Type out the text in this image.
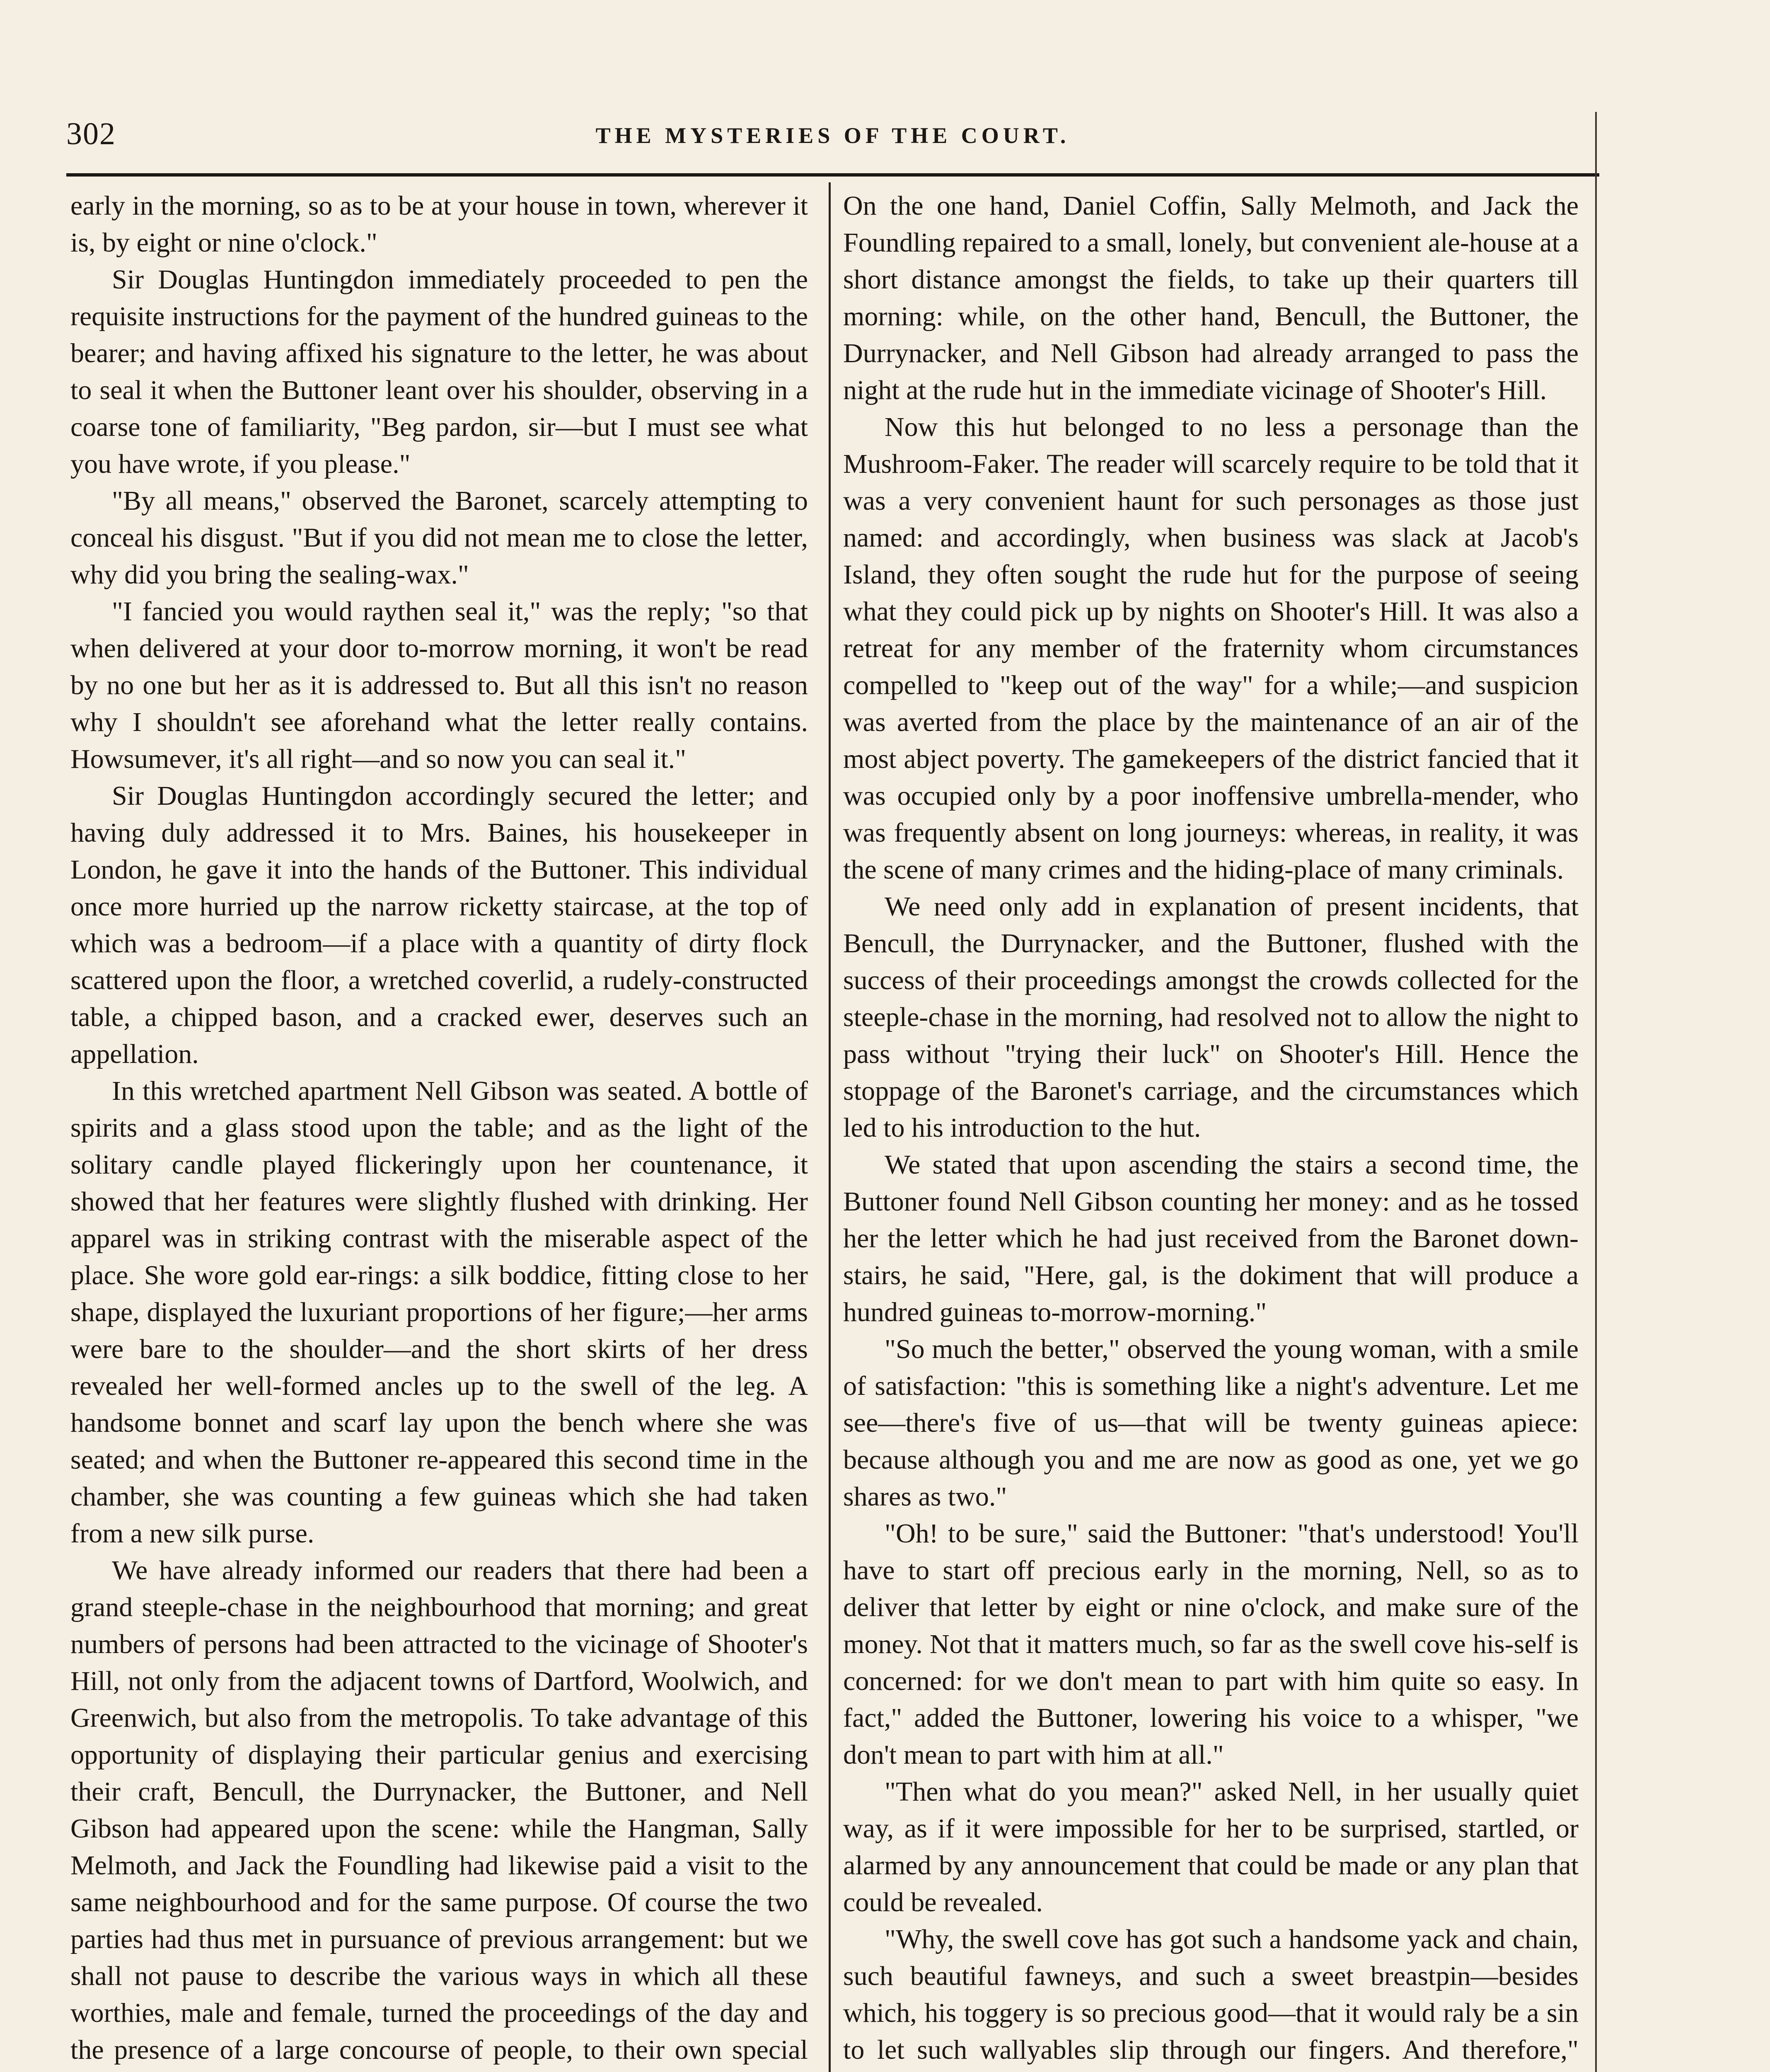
302	THE MYSTERIES OF THE COURT.

early in the morning, so as to be at your house in town, wherever it is, by eight or nine o'clock."

Sir Douglas Huntingdon immediately proceeded to pen the requisite instructions for the payment of the hundred guineas to the bearer; and having affixed his signature to the letter, he was about to seal it when the Buttoner leant over his shoulder, observing in a coarse tone of familiarity, "Beg pardon, sir—but I must see what you have wrote, if you please."

"By all means," observed the Baronet, scarcely attempting to conceal his disgust. "But if you did not mean me to close the letter, why did you bring the sealing-wax."

"I fancied you would raythen seal it," was the reply; "so that when delivered at your door to-morrow morning, it won't be read by no one but her as it is addressed to. But all this isn't no reason why I shouldn't see aforehand what the letter really contains. Howsumever, it's all right—and so now you can seal it."

Sir Douglas Huntingdon accordingly secured the letter; and having duly addressed it to Mrs. Baines, his housekeeper in London, he gave it into the hands of the Buttoner. This individual once more hurried up the narrow ricketty staircase, at the top of which was a bedroom—if a place with a quantity of dirty flock scattered upon the floor, a wretched coverlid, a rudely-constructed table, a chipped bason, and a cracked ewer, deserves such an appellation.

In this wretched apartment Nell Gibson was seated. A bottle of spirits and a glass stood upon the table; and as the light of the solitary candle played flickeringly upon her countenance, it showed that her features were slightly flushed with drinking. Her apparel was in striking contrast with the miserable aspect of the place. She wore gold ear-rings: a silk boddice, fitting close to her shape, displayed the luxuriant proportions of her figure;—her arms were bare to the shoulder—and the short skirts of her dress revealed her well-formed ancles up to the swell of the leg. A handsome bonnet and scarf lay upon the bench where she was seated; and when the Buttoner re-appeared this second time in the chamber, she was counting a few guineas which she had taken from a new silk purse.

We have already informed our readers that there had been a grand steeple-chase in the neighbourhood that morning; and great numbers of persons had been attracted to the vicinage of Shooter's Hill, not only from the adjacent towns of Dartford, Woolwich, and Greenwich, but also from the metropolis. To take advantage of this opportunity of displaying their particular genius and exercising their craft, Bencull, the Durrynacker, the Buttoner, and Nell Gibson had appeared upon the scene: while the Hangman, Sally Melmoth, and Jack the Foundling had likewise paid a visit to the same neighbourhood and for the same purpose. Of course the two parties had thus met in pursuance of previous arrangement: but we shall not pause to describe the various ways in which all these worthies, male and female, turned the proceedings of the day and the presence of a large concourse of people, to their own special

On the one hand, Daniel Coffin, Sally Melmoth, and Jack the Foundling repaired to a small, lonely, but convenient ale-house at a short distance amongst the fields, to take up their quarters till morning: while, on the other hand, Bencull, the Buttoner, the Durrynacker, and Nell Gibson had already arranged to pass the night at the rude hut in the immediate vicinage of Shooter's Hill.

Now this hut belonged to no less a personage than the Mushroom-Faker. The reader will scarcely require to be told that it was a very convenient haunt for such personages as those just named: and accordingly, when business was slack at Jacob's Island, they often sought the rude hut for the purpose of seeing what they could pick up by nights on Shooter's Hill. It was also a retreat for any member of the fraternity whom circumstances compelled to "keep out of the way" for a while;—and suspicion was averted from the place by the maintenance of an air of the most abject poverty. The gamekeepers of the district fancied that it was occupied only by a poor inoffensive umbrella-mender, who was frequently absent on long journeys: whereas, in reality, it was the scene of many crimes and the hiding-place of many criminals.

We need only add in explanation of present incidents, that Bencull, the Durrynacker, and the Buttoner, flushed with the success of their proceedings amongst the crowds collected for the steeple-chase in the morning, had resolved not to allow the night to pass without "trying their luck" on Shooter's Hill. Hence the stoppage of the Baronet's carriage, and the circumstances which led to his introduction to the hut.

We stated that upon ascending the stairs a second time, the Buttoner found Nell Gibson counting her money: and as he tossed her the letter which he had just received from the Baronet down-stairs, he said, "Here, gal, is the dokiment that will produce a hundred guineas to-morrow-morning."

"So much the better," observed the young woman, with a smile of satisfaction: "this is something like a night's adventure. Let me see—there's five of us—that will be twenty guineas apiece: because although you and me are now as good as one, yet we go shares as two."

"Oh! to be sure," said the Buttoner: "that's understood! You'll have to start off precious early in the morning, Nell, so as to deliver that letter by eight or nine o'clock, and make sure of the money. Not that it matters much, so far as the swell cove his-self is concerned: for we don't mean to part with him quite so easy. In fact," added the Buttoner, lowering his voice to a whisper, "we don't mean to part with him at all."

"Then what do you mean?" asked Nell, in her usually quiet way, as if it were impossible for her to be surprised, startled, or alarmed by any announcement that could be made or any plan that could be revealed.

"Why, the swell cove has got such a handsome yack and chain, such beautiful fawneys, and such a sweet breastpin—besides which, his toggery is so precious good—that it would raly be a sin to let such wallyables slip through our fingers. And therefore,"
